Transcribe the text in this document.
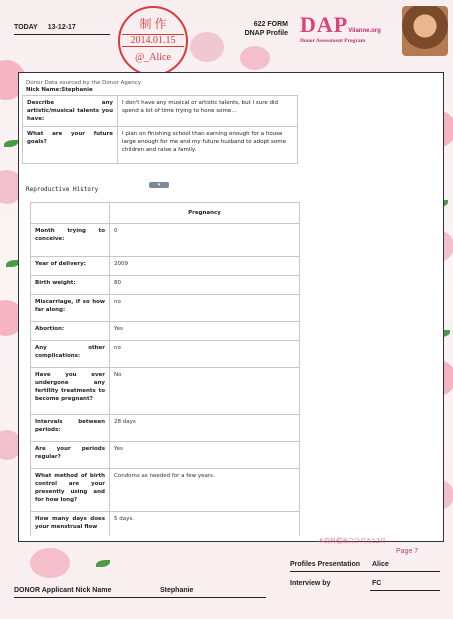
TODAY 13-12-17	制 作
2014.01.15
@_Alice
622 FORM
DNAP Profile DAPVilanne.org
Donor Assessment Program
Donor Data sourced by the Donor Agency
Nick Name:Stephanie
Describe any artistic/musical talents you have:	I don't have any musical or artistic talents, but I sure did spend a lot of time trying to hone some...
What are your future goals?	I plan on finishing school than earning enough for a house large enough for me and my future husband to adopt some children and raise a family.
▾
Reproductive History
	Pregnancy
Month trying to conceive:	0
Year of delivery:	2009
Birth weight:	80
Miscarriage, if so how far along:	no
Abortion:	Yes
Any other complications:	no
Have you ever undergone any fertility treatments to become pregnant?	No
Intervals between periods:	28 days
Are your periods regular?	Yes
What method of birth control are your presently using and for how long?	Condoms as needed for a few years.
How many days does your menstrual flow	5 days.
本資料檔案合計頁為12頁
Page 7
Profiles Presentation Alice
Interview by	FC
DONOR Applicant Nick Name	Stephanie
